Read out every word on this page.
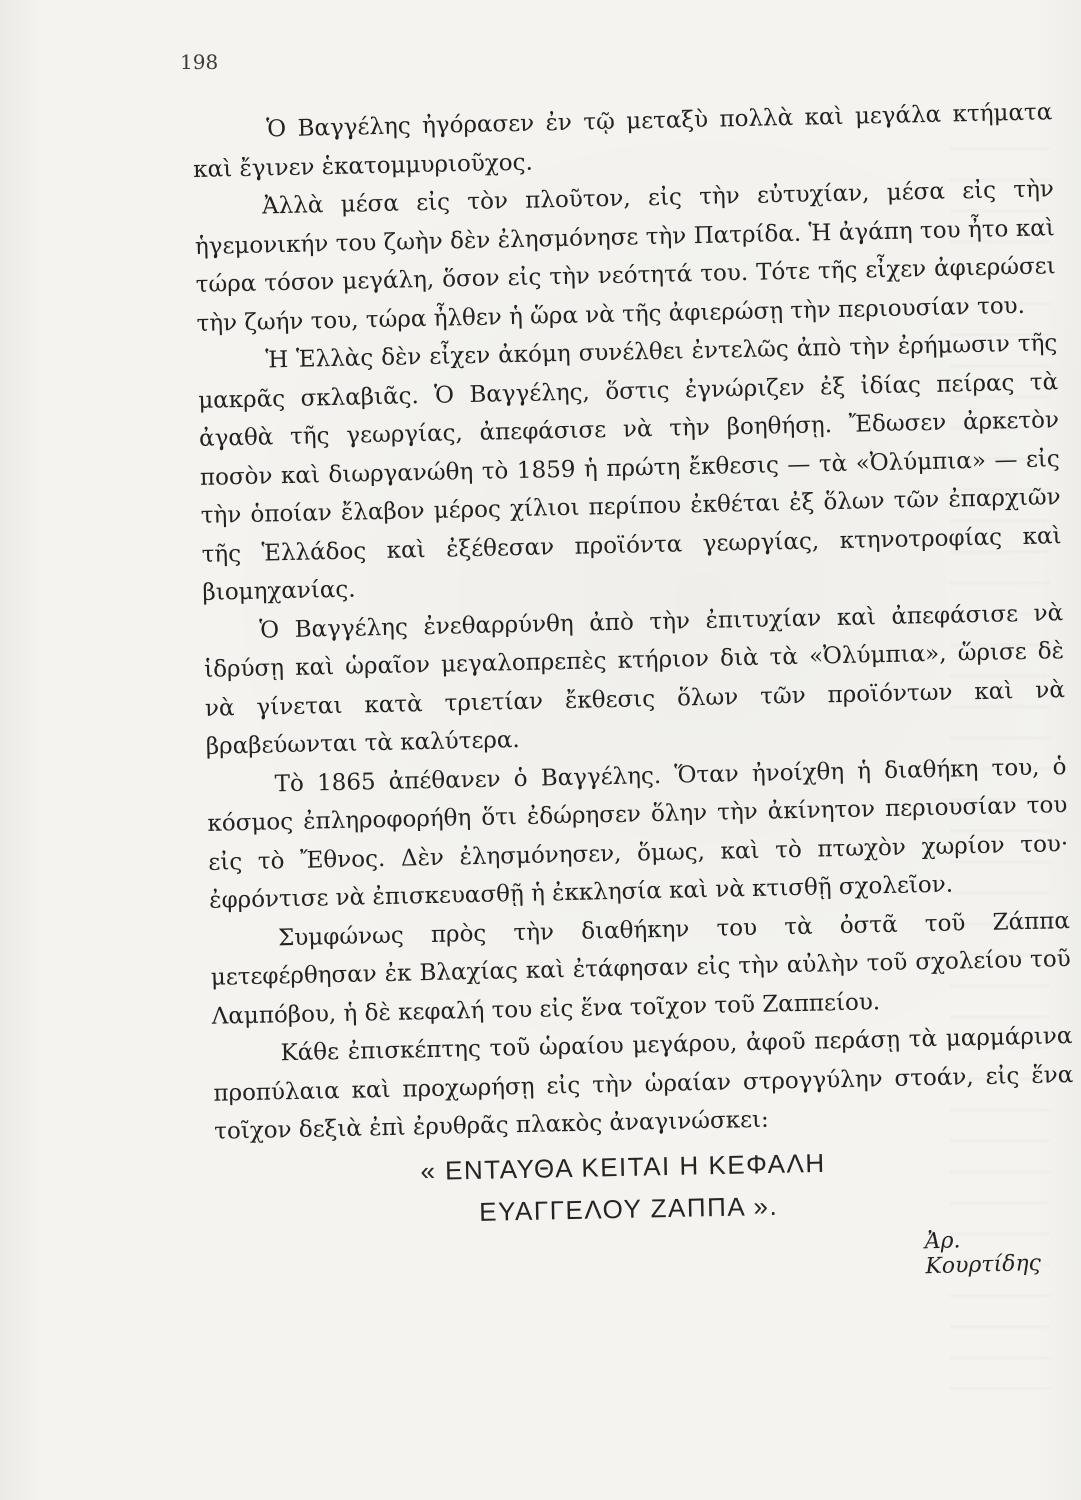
198

Ὁ Βαγγέλης ἠγόρασεν ἐν τῷ μεταξὺ πολλὰ καὶ μεγάλα κτήματα καὶ ἔγινεν ἑκατομμυριοῦχος.

Ἀλλὰ μέσα εἰς τὸν πλοῦτον, εἰς τὴν εὐτυχίαν, μέσα εἰς τὴν ἡγεμονικήν του ζωὴν δὲν ἐλησμόνησε τὴν Πατρίδα. Ἡ ἀγάπη του ἦτο καὶ τώρα τόσον μεγάλη, ὅσον εἰς τὴν νεότητά του. Τότε τῆς εἶχεν ἀφιερώσει τὴν ζωήν του, τώρα ἦλθεν ἡ ὥρα νὰ τῆς ἀφιερώσῃ τὴν περιουσίαν του.

Ἡ Ἑλλὰς δὲν εἶχεν ἀκόμη συνέλθει ἐντελῶς ἀπὸ τὴν ἐρήμωσιν τῆς μακρᾶς σκλαβιᾶς. Ὁ Βαγγέλης, ὅστις ἐγνώριζεν ἐξ ἰδίας πείρας τὰ ἀγαθὰ τῆς γεωργίας, ἀπεφάσισε νὰ τὴν βοηθήσῃ. Ἔδωσεν ἀρκετὸν ποσὸν καὶ διωργανώθη τὸ 1859 ἡ πρώτη ἔκθεσις — τὰ «Ὀλύμπια» — εἰς τὴν ὁποίαν ἔλαβον μέρος χίλιοι περίπου ἐκθέται ἐξ ὅλων τῶν ἐπαρχιῶν τῆς Ἑλλάδος καὶ ἐξέθεσαν προϊόντα γεωργίας, κτηνοτροφίας καὶ βιομηχανίας.

Ὁ Βαγγέλης ἐνεθαρρύνθη ἀπὸ τὴν ἐπιτυχίαν καὶ ἀπεφάσισε νὰ ἱδρύσῃ καὶ ὡραῖον μεγαλοπρεπὲς κτήριον διὰ τὰ «Ὀλύμπια», ὥρισε δὲ νὰ γίνεται κατὰ τριετίαν ἔκθεσις ὅλων τῶν προϊόντων καὶ νὰ βραβεύωνται τὰ καλύτερα.

Τὸ 1865 ἀπέθανεν ὁ Βαγγέλης. Ὅταν ἠνοίχθη ἡ διαθήκη του, ὁ κόσμος ἐπληροφορήθη ὅτι ἐδώρησεν ὅλην τὴν ἀκίνητον περιουσίαν του εἰς τὸ Ἔθνος. Δὲν ἐλησμόνησεν, ὅμως, καὶ τὸ πτωχὸν χωρίον του· ἐφρόντισε νὰ ἐπισκευασθῇ ἡ ἐκκλησία καὶ νὰ κτισθῇ σχολεῖον.

Συμφώνως πρὸς τὴν διαθήκην του τὰ ὀστᾶ τοῦ Ζάππα μετεφέρθησαν ἐκ Βλαχίας καὶ ἐτάφησαν εἰς τὴν αὐλὴν τοῦ σχολείου τοῦ Λαμπόβου, ἡ δὲ κεφαλή του εἰς ἕνα τοῖχον τοῦ Ζαππείου.

Κάθε ἐπισκέπτης τοῦ ὡραίου μεγάρου, ἀφοῦ περάσῃ τὰ μαρμάρινα προπύλαια καὶ προχωρήσῃ εἰς τὴν ὡραίαν στρογγύλην στοάν, εἰς ἕνα τοῖχον δεξιὰ ἐπὶ ἐρυθρᾶς πλακὸς ἀναγινώσκει:

« ΕΝΤΑΥΘΑ ΚΕΙΤΑΙ Η ΚΕΦΑΛΗ
ΕΥΑΓΓΕΛΟΥ ΖΑΠΠΑ ».
Ἀρ. Κουρτίδης
